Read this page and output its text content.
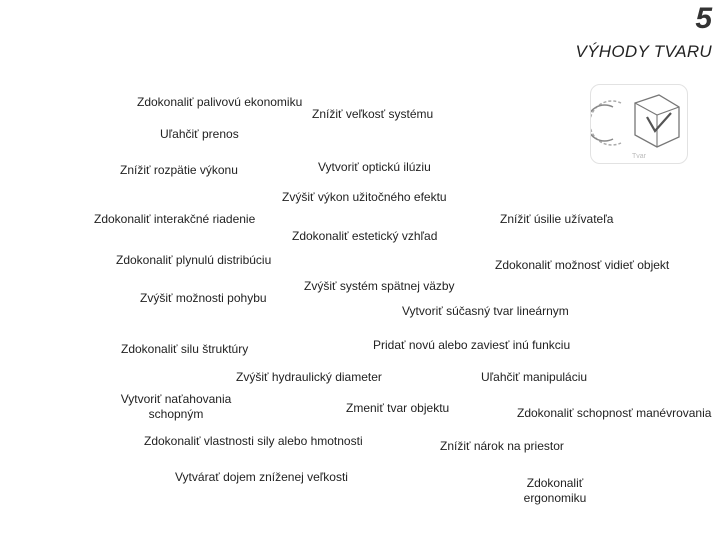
5
VÝHODY TVARU
Tvar
Zdokonaliť palivovú ekonomiku
Znížiť veľkosť systému
Uľahčiť prenos
Znížiť rozpätie výkonu	Vytvoriť optickú ilúziu
Zvýšiť výkon užitočného efektu
Zdokonaliť interakčné riadenie	Znížiť úsilie užívateľa
Zdokonaliť estetický vzhľad
Zdokonaliť plynulú distribúciu	Zdokonaliť možnosť vidieť objekt
Zvýšiť systém spätnej väzby
Zvýšiť možnosti pohybu
Vytvoriť súčasný tvar lineárnym
Pridať novú alebo zaviesť inú funkciu
Zdokonaliť silu štruktúry
Zvýšiť hydraulický diameter	Uľahčiť manipuláciu
Vytvoriť naťahovania schopným	Zmeniť tvar objektu	Zdokonaliť schopnosť manévrovania
Zdokonaliť vlastnosti sily alebo hmotnosti	Znížiť nárok na priestor
Vytvárať dojem zníženej veľkosti	Zdokonaliť ergonomiku
